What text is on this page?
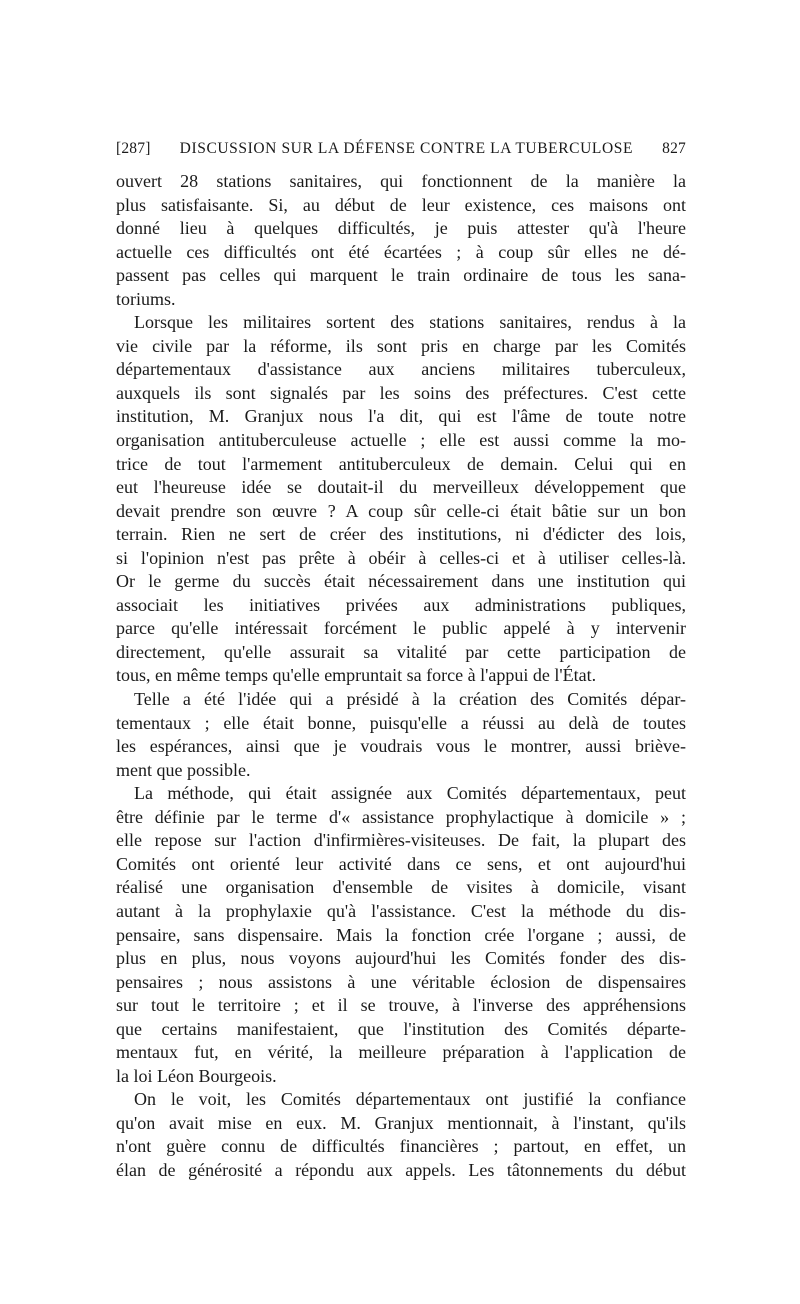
[287]	DISCUSSION SUR LA DÉFENSE CONTRE LA TUBERCULOSE	827

ouvert 28 stations sanitaires, qui fonctionnent de la manière la

plus satisfaisante. Si, au début de leur existence, ces maisons ont

donné lieu à quelques difficultés, je puis attester qu'à l'heure

actuelle ces difficultés ont été écartées ; à coup sûr elles ne dé-

passent pas celles qui marquent le train ordinaire de tous les sana-

toriums.

Lorsque les militaires sortent des stations sanitaires, rendus à la

vie civile par la réforme, ils sont pris en charge par les Comités

départementaux d'assistance aux anciens militaires tuberculeux,

auxquels ils sont signalés par les soins des préfectures. C'est cette

institution, M. Granjux nous l'a dit, qui est l'âme de toute notre

organisation antituberculeuse actuelle ; elle est aussi comme la mo-

trice de tout l'armement antituberculeux de demain. Celui qui en

eut l'heureuse idée se doutait-il du merveilleux développement que

devait prendre son œuvre ? A coup sûr celle-ci était bâtie sur un bon

terrain. Rien ne sert de créer des institutions, ni d'édicter des lois,

si l'opinion n'est pas prête à obéir à celles-ci et à utiliser celles-là.

Or le germe du succès était nécessairement dans une institution qui

associait les initiatives privées aux administrations publiques,

parce qu'elle intéressait forcément le public appelé à y intervenir

directement, qu'elle assurait sa vitalité par cette participation de

tous, en même temps qu'elle empruntait sa force à l'appui de l'État.

Telle a été l'idée qui a présidé à la création des Comités dépar-

tementaux ; elle était bonne, puisqu'elle a réussi au delà de toutes

les espérances, ainsi que je voudrais vous le montrer, aussi briève-

ment que possible.

La méthode, qui était assignée aux Comités départementaux, peut

être définie par le terme d'« assistance prophylactique à domicile » ;

elle repose sur l'action d'infirmières-visiteuses. De fait, la plupart des

Comités ont orienté leur activité dans ce sens, et ont aujourd'hui

réalisé une organisation d'ensemble de visites à domicile, visant

autant à la prophylaxie qu'à l'assistance. C'est la méthode du dis-

pensaire, sans dispensaire. Mais la fonction crée l'organe ; aussi, de

plus en plus, nous voyons aujourd'hui les Comités fonder des dis-

pensaires ; nous assistons à une véritable éclosion de dispensaires

sur tout le territoire ; et il se trouve, à l'inverse des appréhensions

que certains manifestaient, que l'institution des Comités départe-

mentaux fut, en vérité, la meilleure préparation à l'application de

la loi Léon Bourgeois.

On le voit, les Comités départementaux ont justifié la confiance

qu'on avait mise en eux. M. Granjux mentionnait, à l'instant, qu'ils

n'ont guère connu de difficultés financières ; partout, en effet, un

élan de générosité a répondu aux appels. Les tâtonnements du début
